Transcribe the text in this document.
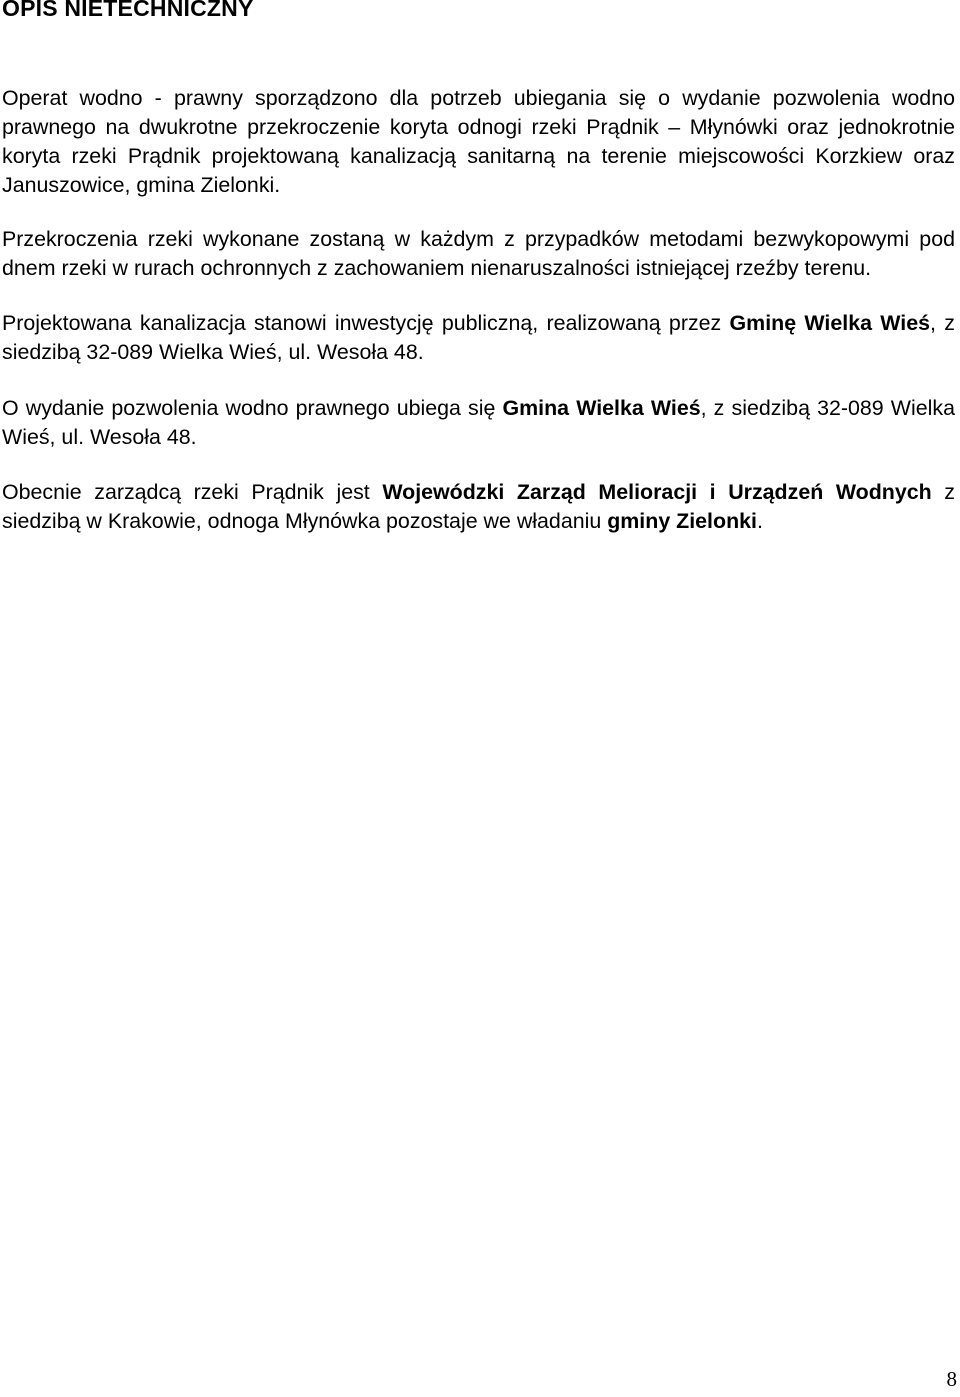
OPIS NIETECHNICZNY

Operat wodno - prawny sporządzono dla potrzeb ubiegania się o wydanie pozwolenia wodno prawnego na dwukrotne przekroczenie koryta odnogi rzeki Prądnik – Młynówki oraz jednokrotnie koryta rzeki Prądnik projektowaną kanalizacją sanitarną na terenie miejscowości Korzkiew oraz Januszowice, gmina Zielonki.

Przekroczenia rzeki wykonane zostaną w każdym z przypadków metodami bezwykopowymi pod dnem rzeki w rurach ochronnych z zachowaniem nienaruszalności istniejącej rzeźby terenu.

Projektowana kanalizacja stanowi inwestycję publiczną, realizowaną przez Gminę Wielka Wieś, z siedzibą 32-089 Wielka Wieś, ul. Wesoła 48.

O wydanie pozwolenia wodno prawnego ubiega się Gmina Wielka Wieś, z siedzibą 32-089 Wielka Wieś, ul. Wesoła 48.

Obecnie zarządcą rzeki Prądnik jest Wojewódzki Zarząd Melioracji i Urządzeń Wodnych z siedzibą w Krakowie, odnoga Młynówka pozostaje we władaniu gminy Zielonki.

8
